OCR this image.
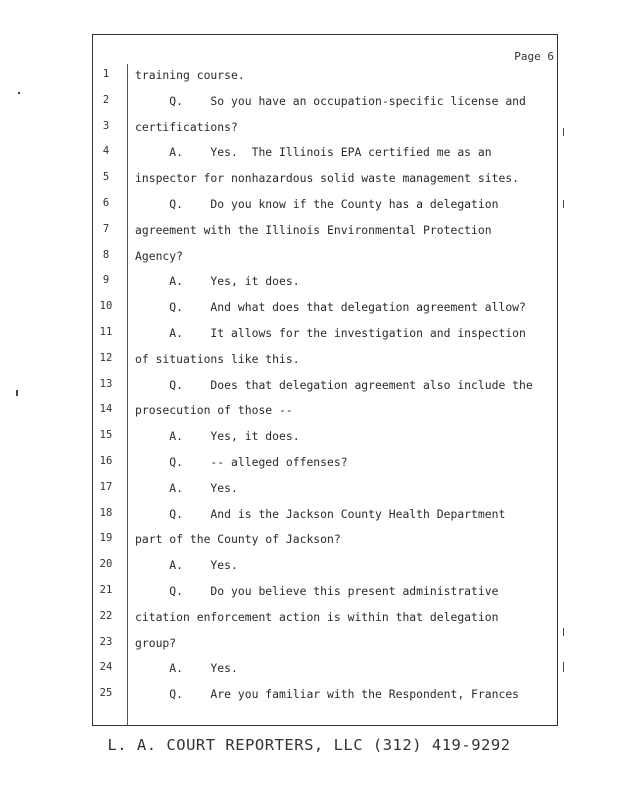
Page 6
1	training course.
2	Q.    So you have an occupation-specific license and
3	certifications?
4	A.    Yes.  The Illinois EPA certified me as an
5	inspector for nonhazardous solid waste management sites.
6	Q.    Do you know if the County has a delegation
7	agreement with the Illinois Environmental Protection
8	Agency?
9	A.    Yes, it does.
10	Q.    And what does that delegation agreement allow?
11	A.    It allows for the investigation and inspection
12	of situations like this.
13	Q.    Does that delegation agreement also include the
14	prosecution of those --
15	A.    Yes, it does.
16	Q.    -- alleged offenses?
17	A.    Yes.
18	Q.    And is the Jackson County Health Department
19	part of the County of Jackson?
20	A.    Yes.
21	Q.    Do you believe this present administrative
22	citation enforcement action is within that delegation
23	group?
24	A.    Yes.
25	Q.    Are you familiar with the Respondent, Frances
L. A. COURT REPORTERS, LLC (312) 419-9292
